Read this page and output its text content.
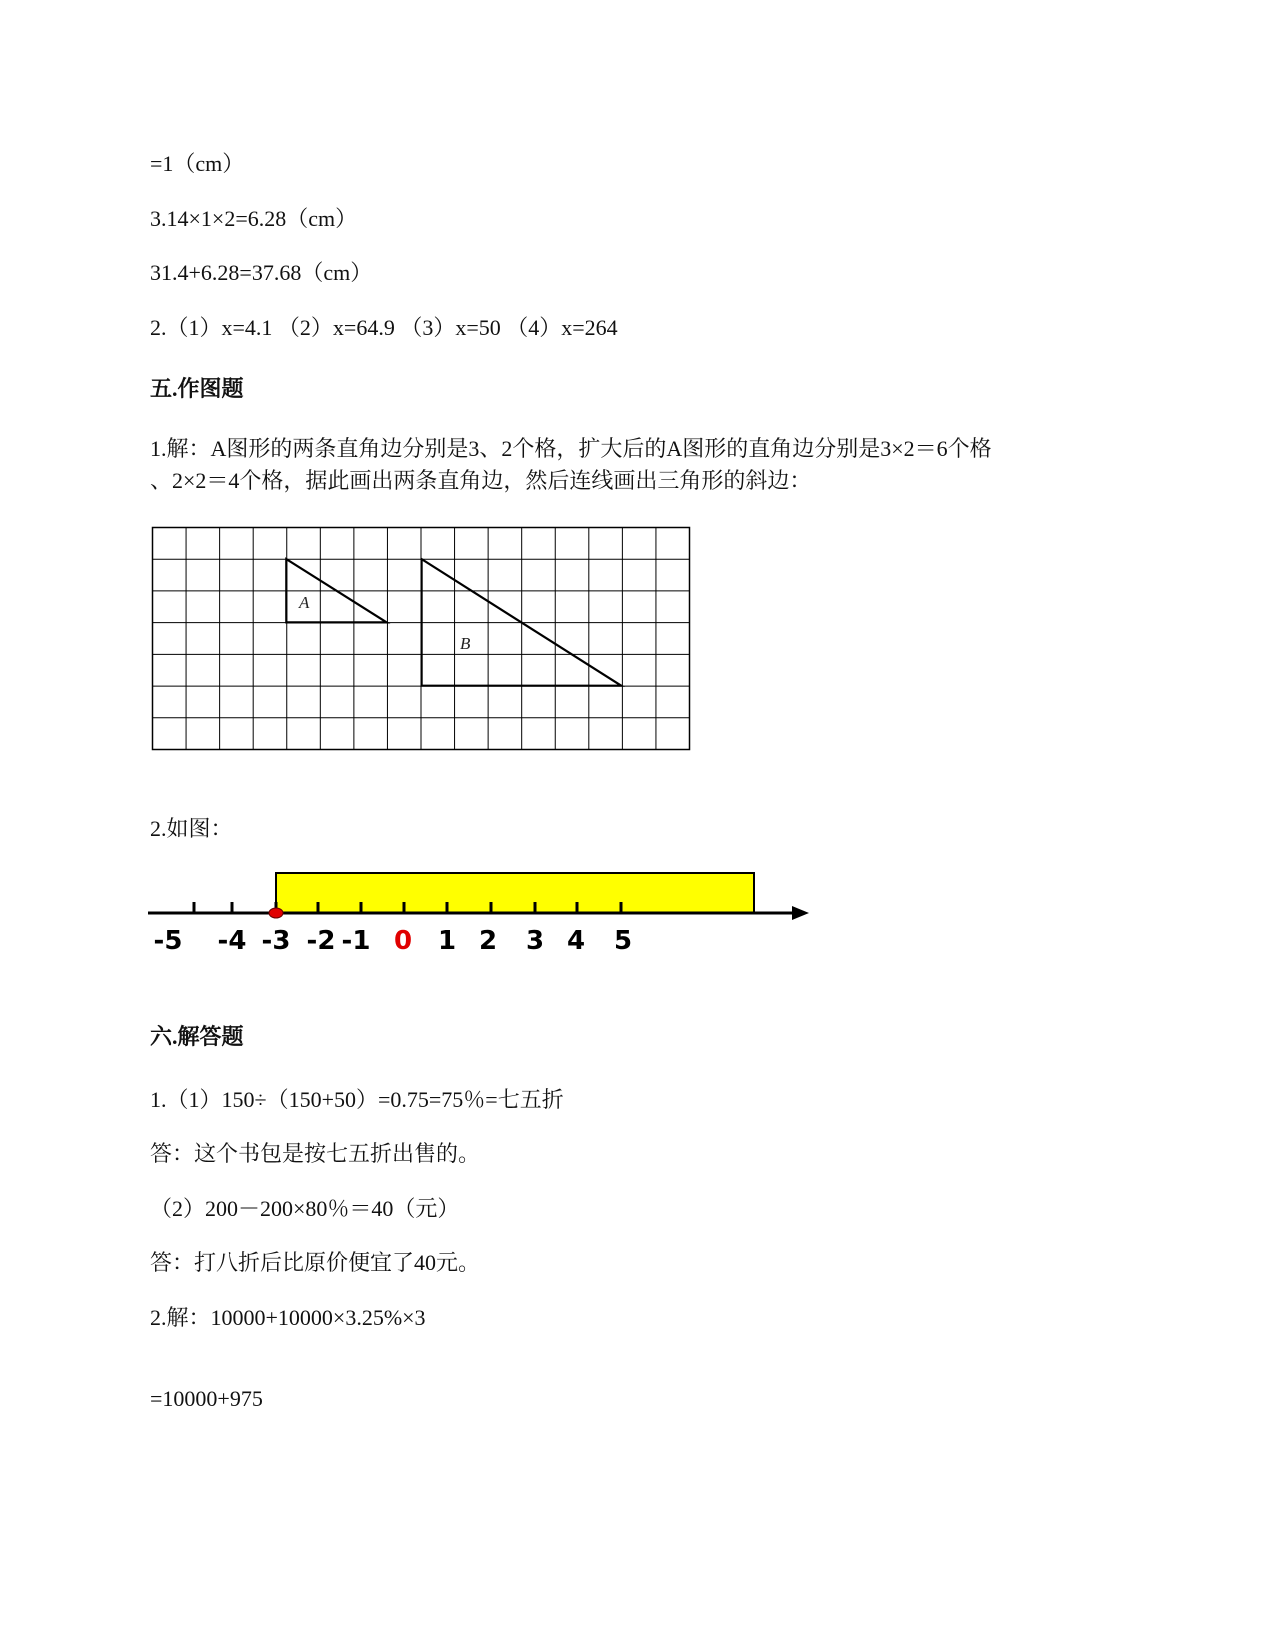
=1（cm）
3.14×1×2=6.28（cm）
31.4+6.28=37.68（cm）
2.（1）x=4.1 （2）x=64.9 （3）x=50 （4）x=264
五.作图题
1.解：A图形的两条直角边分别是3、2个格，扩大后的A图形的直角边分别是3×2＝6个格
、2×2＝4个格，据此画出两条直角边，然后连线画出三角形的斜边：
A
B
2.如图：
-5 -4 -3 -2 -1 0 1 2 3 4 5
六.解答题
1.（1）150÷（150+50）=0.75=75％=七五折
答：这个书包是按七五折出售的。
（2）200－200×80％＝40（元）
答：打八折后比原价便宜了40元。
2.解：10000+10000×3.25%×3
=10000+975
